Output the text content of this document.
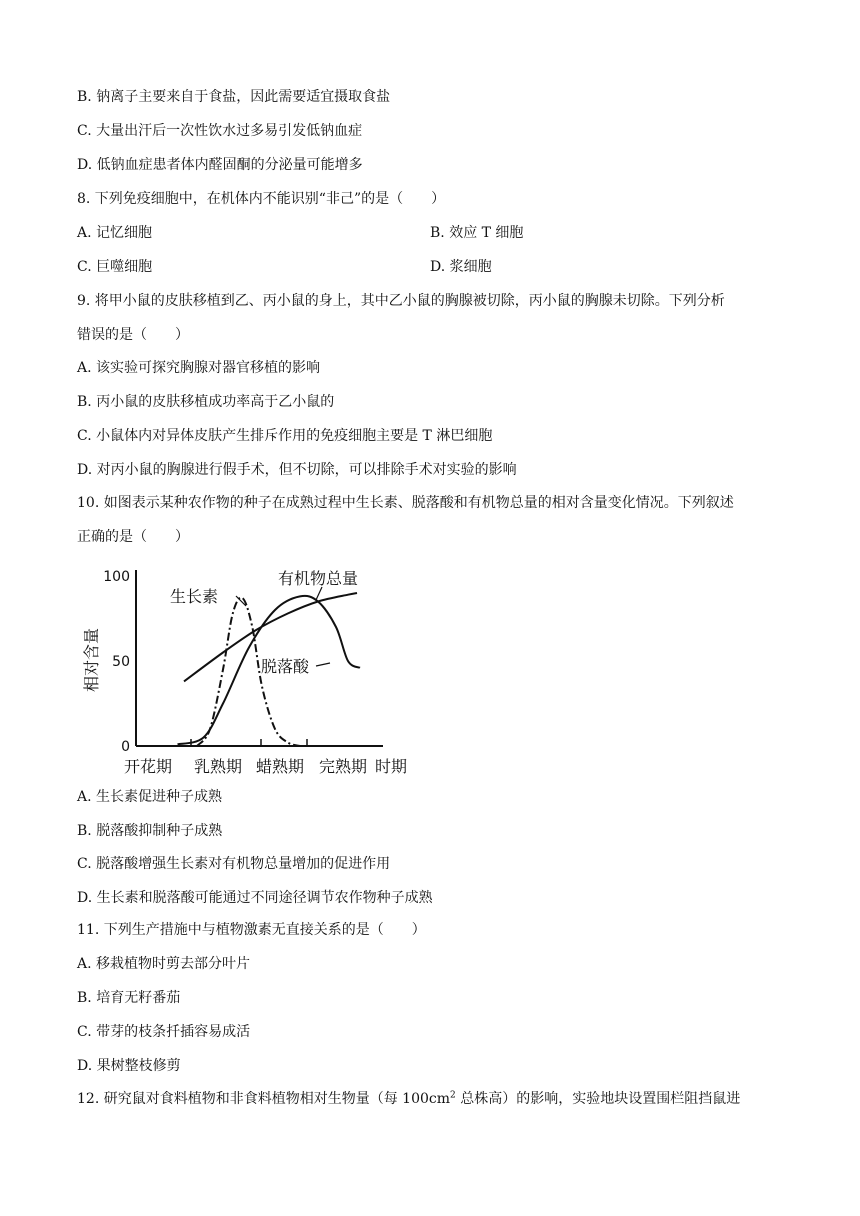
B. 钠离子主要来自于食盐，因此需要适宜摄取食盐
C. 大量出汗后一次性饮水过多易引发低钠血症
D. 低钠血症患者体内醛固酮的分泌量可能增多
8. 下列免疫细胞中，在机体内不能识别“非己”的是（　　）
A. 记忆细胞	B. 效应 T 细胞
C. 巨噬细胞	D. 浆细胞
9. 将甲小鼠的皮肤移植到乙、丙小鼠的身上，其中乙小鼠的胸腺被切除，丙小鼠的胸腺未切除。下列分析
错误的是（　　）
A. 该实验可探究胸腺对器官移植的影响
B. 丙小鼠的皮肤移植成功率高于乙小鼠的
C. 小鼠体内对异体皮肤产生排斥作用的免疫细胞主要是 T 淋巴细胞
D. 对丙小鼠的胸腺进行假手术，但不切除，可以排除手术对实验的影响
10. 如图表示某种农作物的种子在成熟过程中生长素、脱落酸和有机物总量的相对含量变化情况。下列叙述
正确的是（　　）
0
50
100
开花期 乳熟期 蜡熟期 完熟期 时期
相对含量
有机物总量
生长素
脱落酸
A. 生长素促进种子成熟
B. 脱落酸抑制种子成熟
C. 脱落酸增强生长素对有机物总量增加的促进作用
D. 生长素和脱落酸可能通过不同途径调节农作物种子成熟
11. 下列生产措施中与植物激素无直接关系的是（　　）
A. 移栽植物时剪去部分叶片
B. 培育无籽番茄
C. 带芽的枝条扦插容易成活
D. 果树整枝修剪
12. 研究鼠对食料植物和非食料植物相对生物量（每 $100cm^2$ 总株高）的影响，实验地块设置围栏阻挡鼠进
